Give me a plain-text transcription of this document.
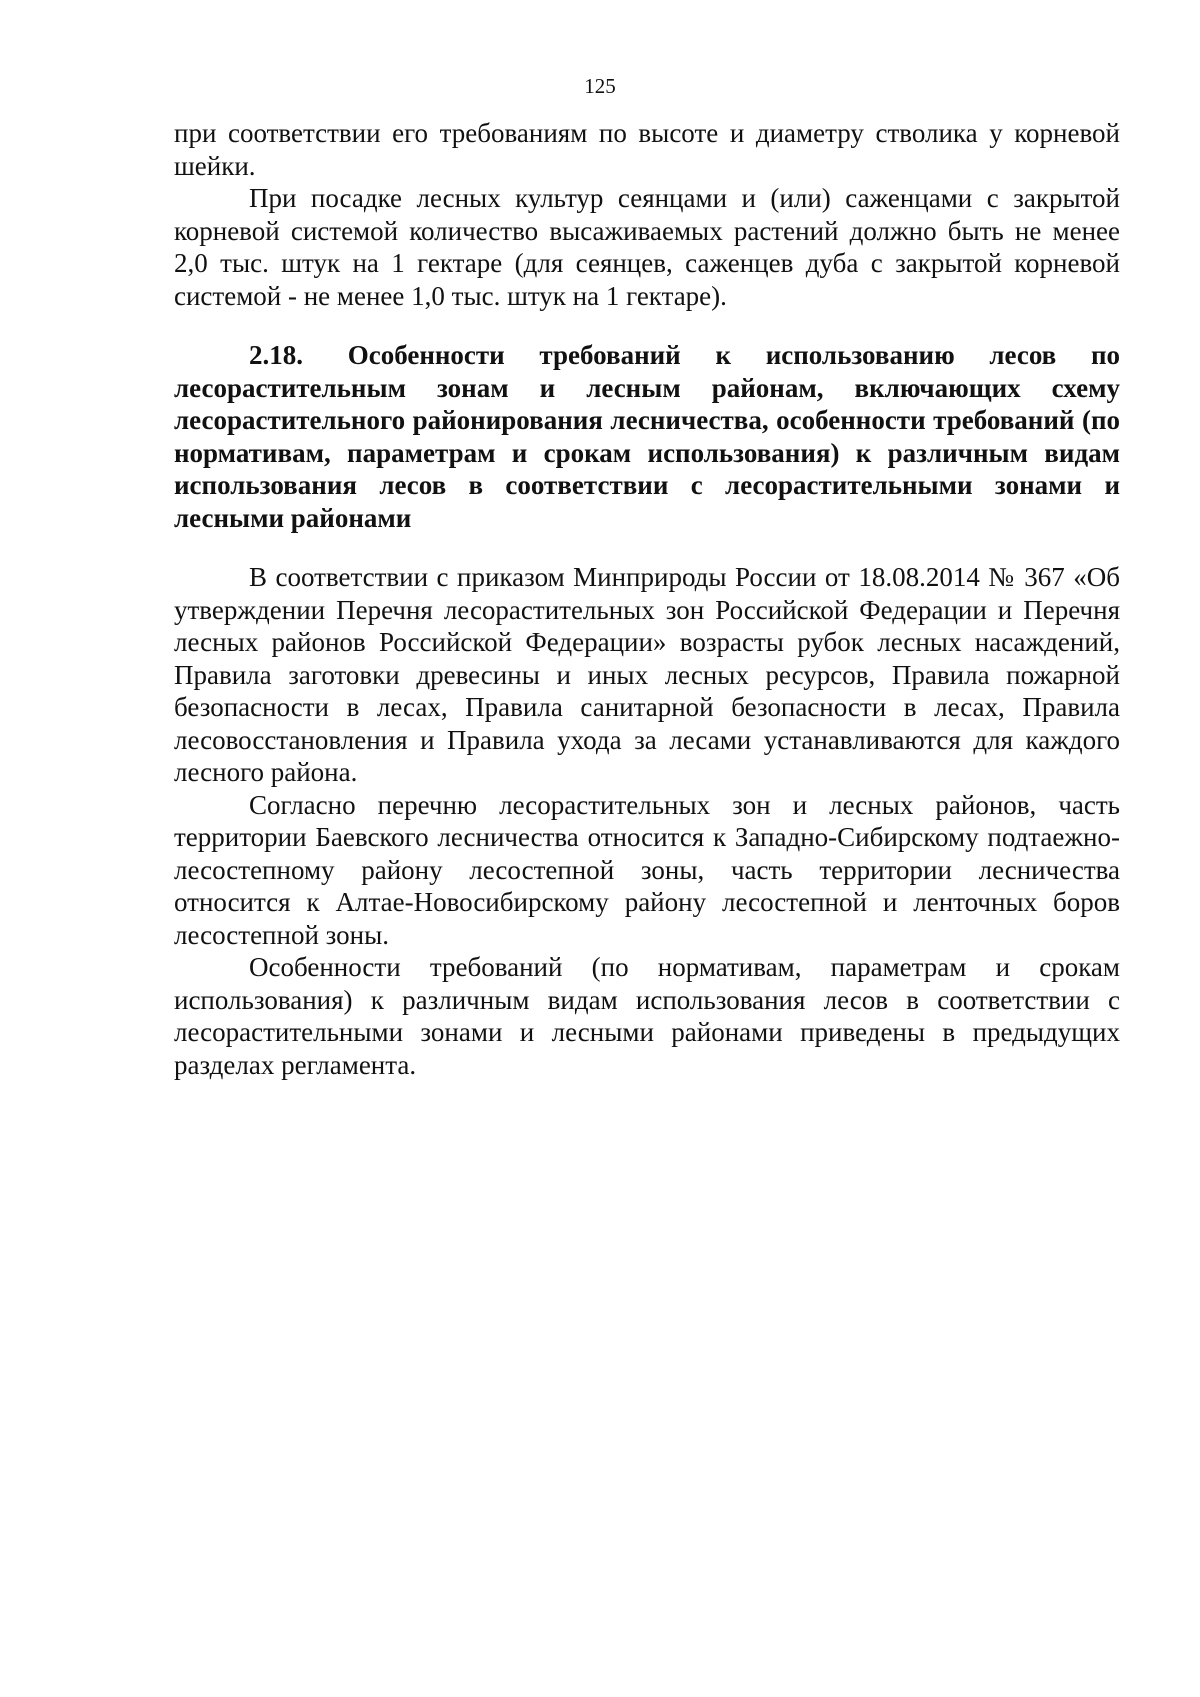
125

при соответствии его требованиям по высоте и диаметру стволика у корневой шейки.

При посадке лесных культур сеянцами и (или) саженцами с закрытой корневой системой количество высаживаемых растений должно быть не менее 2,0 тыс. штук на 1 гектаре (для сеянцев, саженцев дуба с закрытой корневой системой - не менее 1,0 тыс. штук на 1 гектаре).

2.18. Особенности требований к использованию лесов по лесорастительным зонам и лесным районам, включающих схему лесорастительного районирования лесничества, особенности требований (по нормативам, параметрам и срокам использования) к различным видам использования лесов в соответствии с лесорастительными зонами и лесными районами

В соответствии с приказом Минприроды России от 18.08.2014 № 367 «Об утверждении Перечня лесорастительных зон Российской Федерации и Перечня лесных районов Российской Федерации» возрасты рубок лесных насаждений, Правила заготовки древесины и иных лесных ресурсов, Правила пожарной безопасности в лесах, Правила санитарной безопасности в лесах, Правила лесовосстановления и Правила ухода за лесами устанавливаются для каждого лесного района.

Согласно перечню лесорастительных зон и лесных районов, часть территории Баевского лесничества относится к Западно-Сибирскому подтаежно-лесостепному району лесостепной зоны, часть территории лесничества относится к Алтае-Новосибирскому району лесостепной и ленточных боров лесостепной зоны.

Особенности требований (по нормативам, параметрам и срокам использования) к различным видам использования лесов в соответствии с лесорастительными зонами и лесными районами приведены в предыдущих разделах регламента.
